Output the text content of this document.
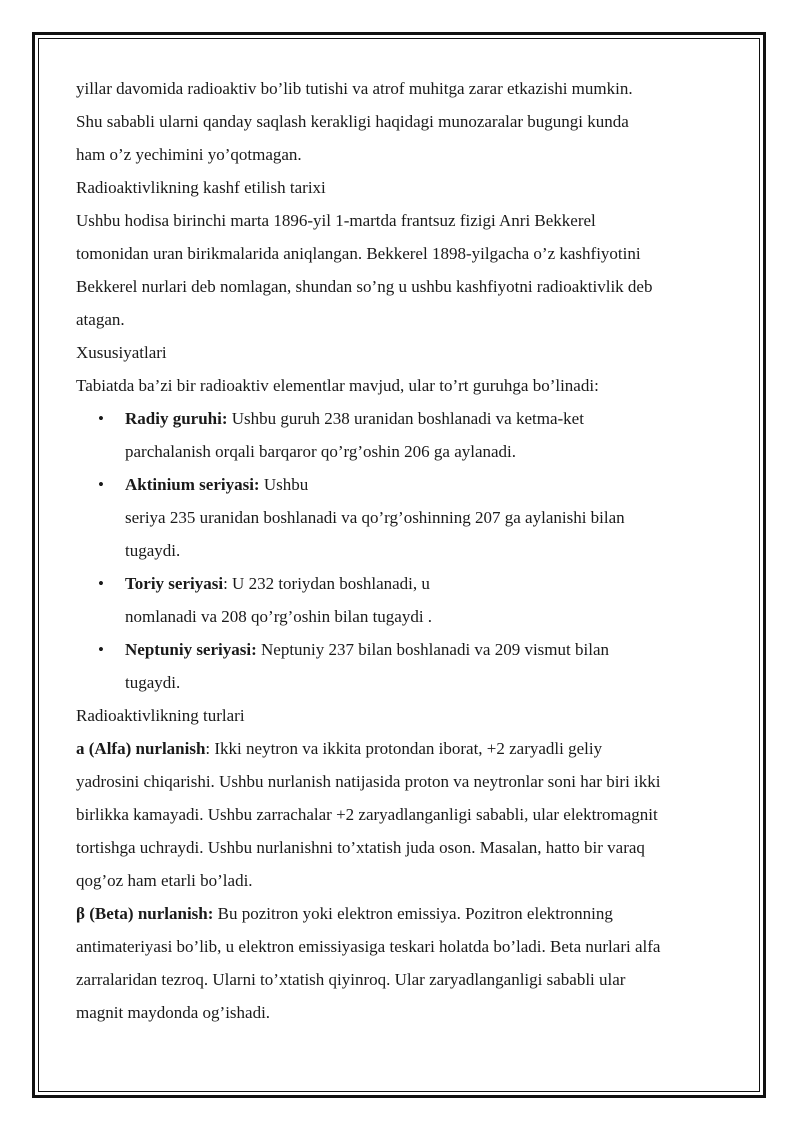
yillar davomida radioaktiv bo’lib tutishi va atrof muhitga zarar etkazishi mumkin.
Shu sababli ularni qanday saqlash kerakligi haqidagi munozaralar bugungi kunda
ham o’z yechimini yo’qotmagan.

Radioaktivlikning kashf etilish tarixi

Ushbu hodisa birinchi marta 1896-yil 1-martda frantsuz fizigi Anri Bekkerel
tomonidan uran birikmalarida aniqlangan. Bekkerel 1898-yilgacha o’z kashfiyotini
Bekkerel nurlari deb nomlagan, shundan so’ng u ushbu kashfiyotni radioaktivlik deb
atagan.

Xususiyatlari

Tabiatda ba’zi bir radioaktiv elementlar mavjud, ular to’rt guruhga bo’linadi:

• Radiy guruhi: Ushbu guruh 238 uranidan boshlanadi va ketma-ket
parchalanish orqali barqaror qo’rg’oshin 206 ga aylanadi.
• Aktinium seriyasi: Ushbu
seriya 235 uranidan boshlanadi va qo’rg’oshinning 207 ga aylanishi bilan
tugaydi.
• Toriy seriyasi: U 232 toriydan boshlanadi, u
nomlanadi va 208 qo’rg’oshin bilan tugaydi .
• Neptuniy seriyasi: Neptuniy 237 bilan boshlanadi va 209 vismut bilan
tugaydi.

Radioaktivlikning turlari

a (Alfa) nurlanish: Ikki neytron va ikkita protondan iborat, +2 zaryadli geliy
yadrosini chiqarishi. Ushbu nurlanish natijasida proton va neytronlar soni har biri ikki
birlikka kamayadi. Ushbu zarrachalar +2 zaryadlanganligi sababli, ular elektromagnit
tortishga uchraydi. Ushbu nurlanishni to’xtatish juda oson. Masalan, hatto bir varaq
qog’oz ham etarli bo’ladi.
β (Beta) nurlanish: Bu pozitron yoki elektron emissiya. Pozitron elektronning
antimateriyasi bo’lib, u elektron emissiyasiga teskari holatda bo’ladi. Beta nurlari alfa
zarralaridan tezroq. Ularni to’xtatish qiyinroq. Ular zaryadlanganligi sababli ular
magnit maydonda og’ishadi.
